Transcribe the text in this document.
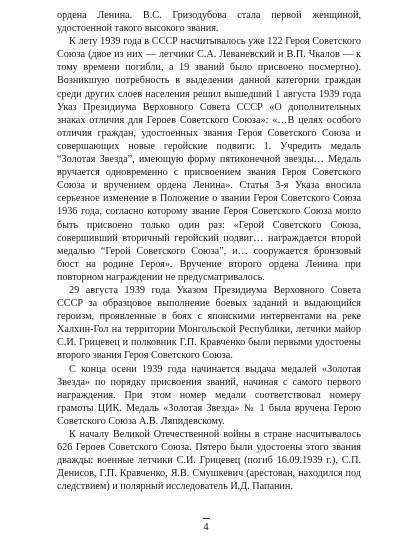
ордена Ленина. В.С. Гризодубова стала первой женщиной, удостоенной такого высокого звания.

К лету 1939 года в СССР насчитывалось уже 122 Героя Советского Союза (двое из них — летчики С.А. Леваневский и В.П. Чкалов — к тому времени погибли, а 19 званий было присвоено посмертно). Возникшую потребность в выделении данной категории граждан среди других слоев населения решил вышедший 1 августа 1939 года Указ Президиума Верховного Совета СССР «О дополнительных знаках отличия для Героев Советского Союза»: «…В целях особого отличия граждан, удостоенных звания Героя Советского Союза и совершающих новые геройские подвиги: 1. Учредить медаль “Золотая Звезда”, имеющую форму пятиконечной звезды… Медаль вручается одновременно с присвоением звания Героя Советского Союза и вручением ордена Ленина». Статья 3-я Указа вносила серьезное изменение в Положение о звании Героя Советского Союза 1936 года, согласно которому звание Героя Советского Союза могло быть присвоено только один раз: «Герой Советского Союза, совершивший вторичный геройский подвиг… награждается второй медалью “Герой Советского Союза”, и… сооружается бронзовый бюст на родине Героя». Вручение второго ордена Ленина при повторном награждении не предусматривалось.

29 августа 1939 года Указом Президиума Верховного Совета СССР за образцовое выполнение боевых заданий и выдающийся героизм, проявленные в боях с японскими интервентами на реке Халхин-Гол на территории Монгольской Республики, летчики майор С.И. Грицевец и полковник Г.П. Кравченко были первыми удостоены второго звания Героя Советского Союза.

С конца осени 1939 года начинается выдача медалей «Золотая Звезда» по порядку присвоения званий, начиная с самого первого награждения. При этом номер медали соответствовал номеру грамоты ЦИК. Медаль «Золотая Звезда» № 1 была вручена Герою Советского Союза А.В. Ляпидевскому.

К началу Великой Отечественной войны в стране насчитывалось 626 Героев Советского Союза. Пятеро были удостоены этого звания дважды: военные летчики С.И. Грицевец (погиб 16.09.1939 г.), С.П. Денисов, Г.П. Кравченко, Я.В. Смушкевич (арестован, находился под следствием) и полярный исследователь И.Д. Папанин.

4
